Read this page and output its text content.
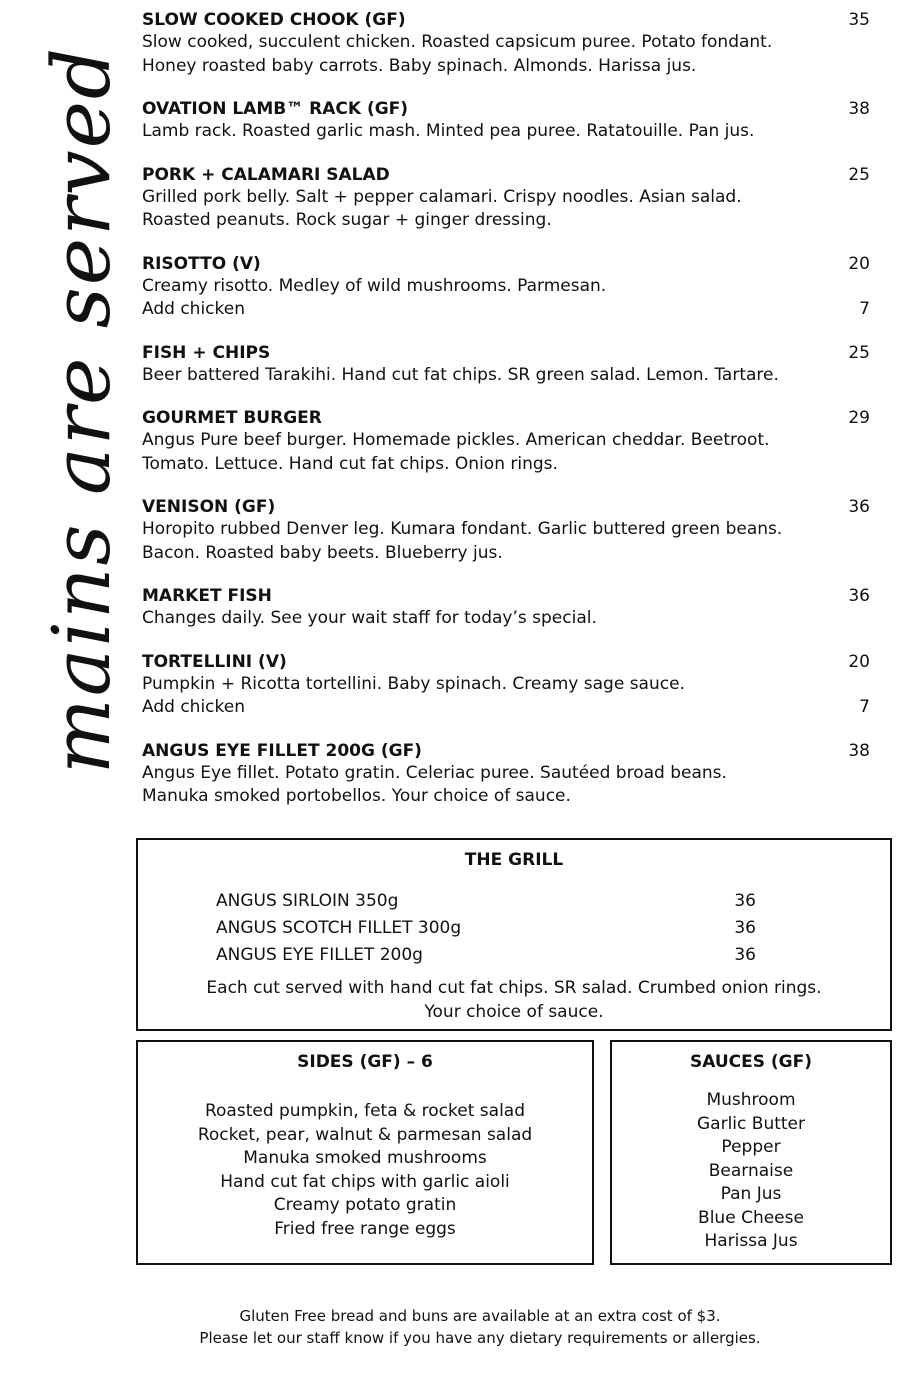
mains are served
SLOW COOKED CHOOK (GF)	35
Slow cooked, succulent chicken. Roasted capsicum puree. Potato fondant.
Honey roasted baby carrots. Baby spinach. Almonds. Harissa jus.
OVATION LAMB™ RACK (GF)	38
Lamb rack. Roasted garlic mash. Minted pea puree. Ratatouille. Pan jus.
PORK + CALAMARI SALAD	25
Grilled pork belly. Salt + pepper calamari. Crispy noodles. Asian salad.
Roasted peanuts. Rock sugar + ginger dressing.
RISOTTO (V)	20
Creamy risotto. Medley of wild mushrooms. Parmesan.
Add chicken	7
FISH + CHIPS	25
Beer battered Tarakihi. Hand cut fat chips. SR green salad. Lemon. Tartare.
GOURMET BURGER	29
Angus Pure beef burger. Homemade pickles. American cheddar. Beetroot.
Tomato. Lettuce. Hand cut fat chips. Onion rings.
VENISON (GF)	36
Horopito rubbed Denver leg. Kumara fondant. Garlic buttered green beans.
Bacon. Roasted baby beets. Blueberry jus.
MARKET FISH	36
Changes daily. See your wait staff for today’s special.
TORTELLINI (V)	20
Pumpkin + Ricotta tortellini. Baby spinach. Creamy sage sauce.
Add chicken	7
ANGUS EYE FILLET 200G (GF)	38
Angus Eye fillet. Potato gratin. Celeriac puree. Sautéed broad beans.
Manuka smoked portobellos. Your choice of sauce.
THE GRILL
ANGUS SIRLOIN 350g	36
ANGUS SCOTCH FILLET 300g	36
ANGUS EYE FILLET 200g	36
Each cut served with hand cut fat chips. SR salad. Crumbed onion rings.
Your choice of sauce.
SIDES (GF) – 6
Roasted pumpkin, feta & rocket salad
Rocket, pear, walnut & parmesan salad
Manuka smoked mushrooms
Hand cut fat chips with garlic aioli
Creamy potato gratin
Fried free range eggs
SAUCES (GF)
Mushroom
Garlic Butter
Pepper
Bearnaise
Pan Jus
Blue Cheese
Harissa Jus
Gluten Free bread and buns are available at an extra cost of $3.
Please let our staff know if you have any dietary requirements or allergies.
